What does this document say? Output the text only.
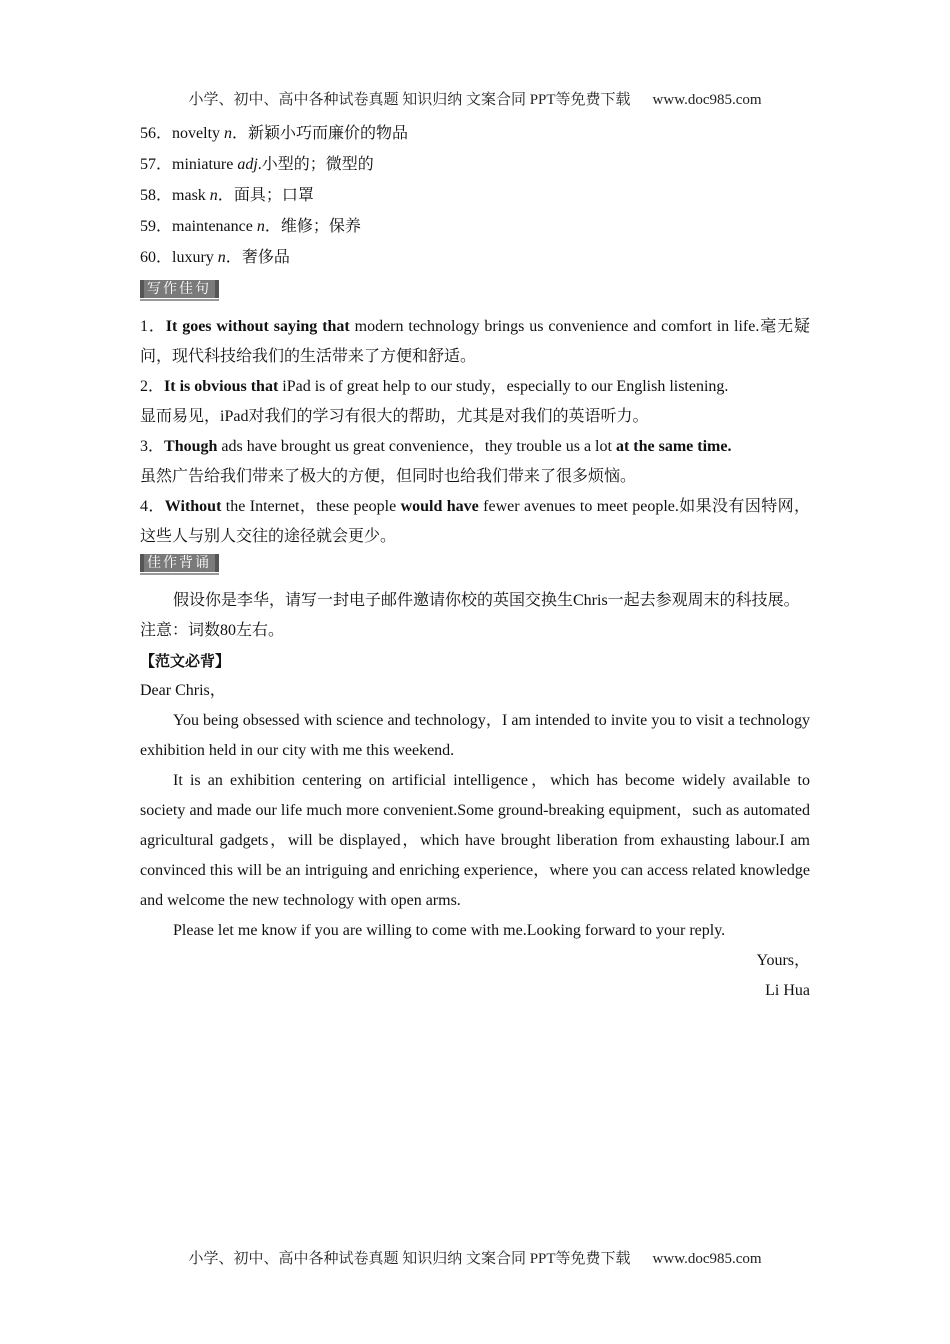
小学、初中、高中各种试卷真题 知识归纳 文案合同 PPT等免费下载 www.doc985.com
56．novelty n．新颖小巧而廉价的物品
57．miniature adj.小型的；微型的
58．mask n．面具；口罩
59．maintenance n．维修；保养
60．luxury n．奢侈品
写作佳句
1．It goes without saying that modern technology brings us convenience and comfort in life.毫无疑问，现代科技给我们的生活带来了方便和舒适。
2．It is obvious that iPad is of great help to our study，especially to our English listening.
显而易见，iPad对我们的学习有很大的帮助，尤其是对我们的英语听力。
3．Though ads have brought us great convenience，they trouble us a lot at the same time.
虽然广告给我们带来了极大的方便，但同时也给我们带来了很多烦恼。
4．Without the Internet，these people would have fewer avenues to meet people.如果没有因特网，这些人与别人交往的途径就会更少。
佳作背诵
假设你是李华，请写一封电子邮件邀请你校的英国交换生Chris一起去参观周末的科技展。
注意：词数80左右。
【范文必背】
Dear Chris，
You being obsessed with science and technology，I am intended to invite you to visit a technology exhibition held in our city with me this weekend.
It is an exhibition centering on artificial intelligence，which has become widely available to society and made our life much more convenient.Some ground-breaking equipment，such as automated agricultural gadgets，will be displayed，which have brought liberation from exhausting labour.I am convinced this will be an intriguing and enriching experience，where you can access related knowledge and welcome the new technology with open arms.
Please let me know if you are willing to come with me.Looking forward to your reply.
Yours，
Li Hua
小学、初中、高中各种试卷真题 知识归纳 文案合同 PPT等免费下载 www.doc985.com
